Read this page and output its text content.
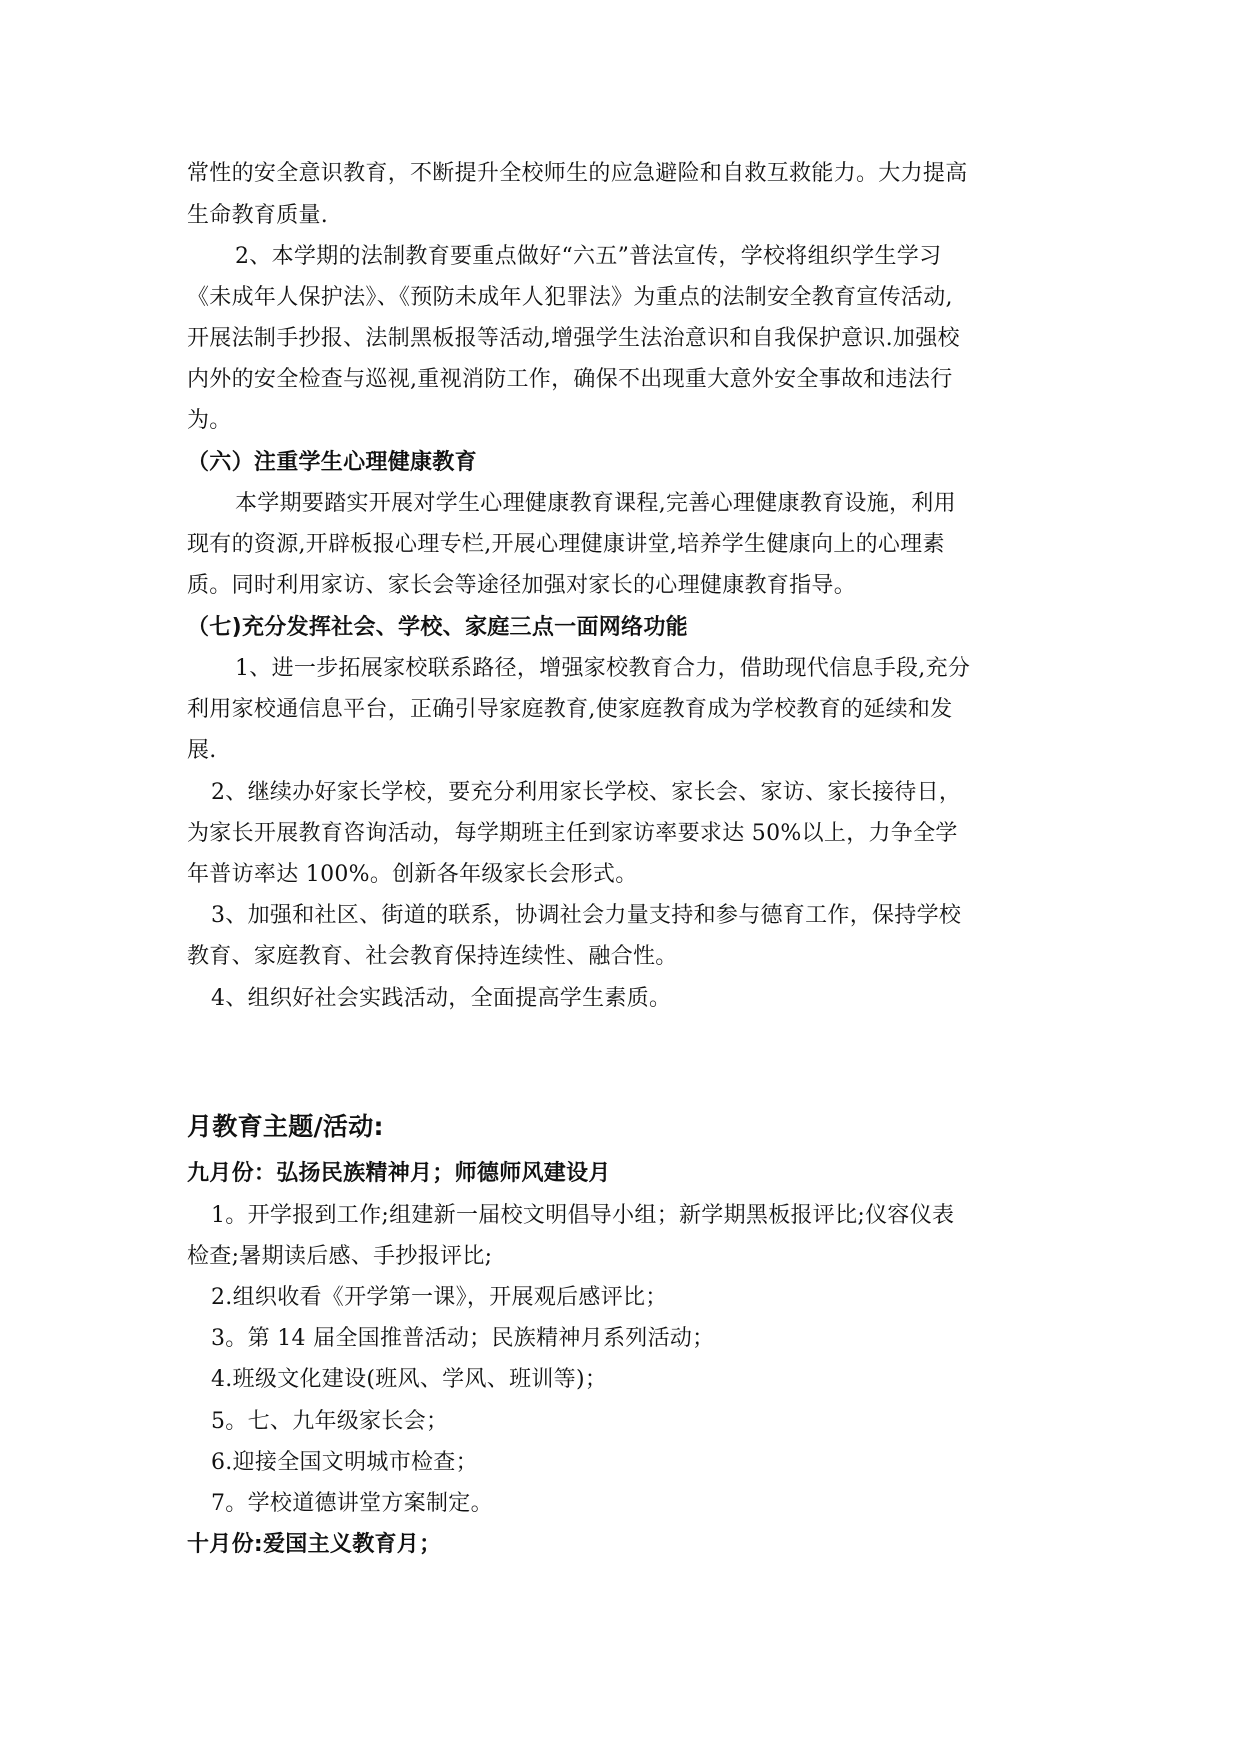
常性的安全意识教育，不断提升全校师生的应急避险和自救互救能力。大力提高
生命教育质量.
2、本学期的法制教育要重点做好“六五”普法宣传，学校将组织学生学习
《未成年人保护法》、《预防未成年人犯罪法》为重点的法制安全教育宣传活动,
开展法制手抄报、法制黑板报等活动,增强学生法治意识和自我保护意识.加强校
内外的安全检查与巡视,重视消防工作，确保不出现重大意外安全事故和违法行
为。
（六）注重学生心理健康教育
本学期要踏实开展对学生心理健康教育课程,完善心理健康教育设施，利用
现有的资源,开辟板报心理专栏,开展心理健康讲堂,培养学生健康向上的心理素
质。同时利用家访、家长会等途径加强对家长的心理健康教育指导。
（七)充分发挥社会、学校、家庭三点一面网络功能
1、进一步拓展家校联系路径，增强家校教育合力，借助现代信息手段,充分
利用家校通信息平台，正确引导家庭教育,使家庭教育成为学校教育的延续和发
展.
2、继续办好家长学校，要充分利用家长学校、家长会、家访、家长接待日，
为家长开展教育咨询活动，每学期班主任到家访率要求达 50%以上，力争全学
年普访率达 100%。创新各年级家长会形式。
3、加强和社区、街道的联系，协调社会力量支持和参与德育工作，保持学校
教育、家庭教育、社会教育保持连续性、融合性。
4、组织好社会实践活动，全面提高学生素质。
月教育主题/活动:
九月份：弘扬民族精神月；师德师风建设月
1。开学报到工作;组建新一届校文明倡导小组；新学期黑板报评比;仪容仪表
检查;暑期读后感、手抄报评比;
2.组织收看《开学第一课》，开展观后感评比；
3。第 14 届全国推普活动；民族精神月系列活动；
4.班级文化建设(班风、学风、班训等)；
5。七、九年级家长会；
6.迎接全国文明城市检查；
7。学校道德讲堂方案制定。
十月份:爱国主义教育月；
